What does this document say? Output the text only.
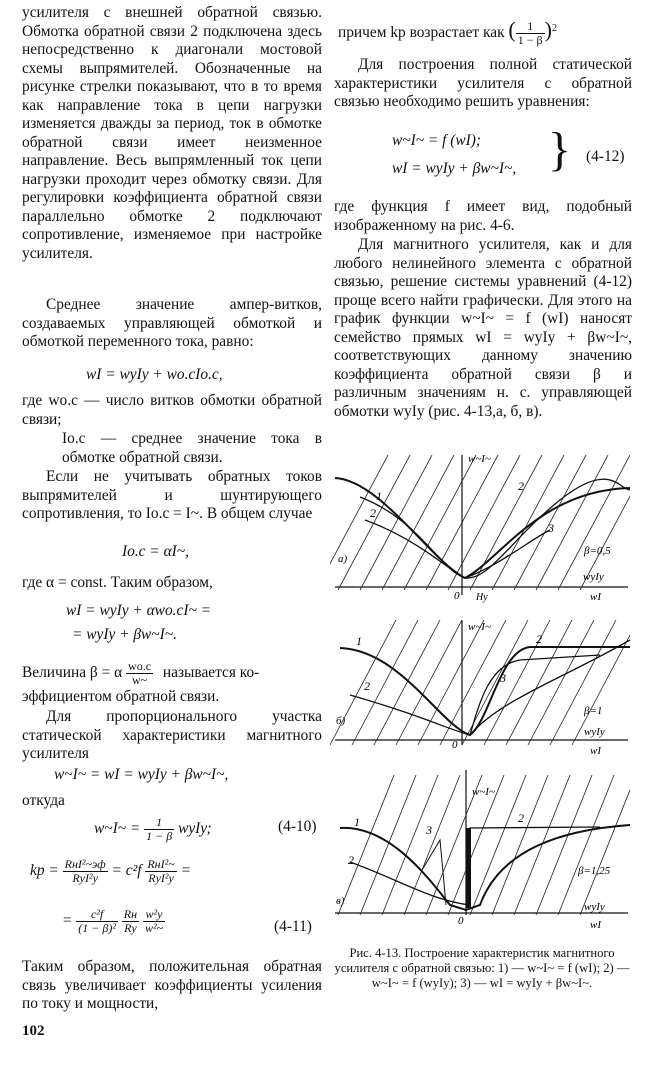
усилителя с внешней обратной связью. Обмотка обратной связи 2 подключена здесь непосредственно к диагонали мостовой схемы выпрямителей. Обозначенные на рисунке стрелки показывают, что в то время как направление тока в цепи нагрузки изменяется дважды за период, ток в обмотке обратной связи имеет неизменное направление. Весь выпрямленный ток цепи нагрузки проходит через обмотку связи. Для регулировки коэффициента обратной связи параллельно обмотке 2 подключают сопротивление, изменяемое при настройке усилителя.
Среднее значение ампер-витков, создаваемых управляющей обмоткой и обмоткой переменного тока, равно:
wI = wуIу + wо.сIо.с,
где wо.с — число витков обмотки обратной связи;
Iо.с — среднее значение тока в обмотке обратной связи.
Если не учитывать обратных токов выпрямителей и шунтирующего сопротивления, то Iо.с = I~. В общем случае
Iо.с = αI~,
где α = const. Таким образом,
wI = wуIу + αwо.сI~ =
= wуIу + βw~I~.
Величина β = α $\frac{wо.с}{w\sim}$ называется ко-
эффициентом обратной связи.
Для пропорционального участка статической характеристики магнитного усилителя
w~I~ = wI = wуIу + βw~I~,
откуда
w~I~ = $\frac{1}{1 - \beta}$ wуIу;	(4-10)
kp = $\frac{\text{RнI²\textasciitilde{}эф}}{\text{RуI²у}} = c^2f \frac{\text{RнI²\textasciitilde{}}}{\text{RуI²у}}$ =
= $\frac{\text{c²f}}{\text{(1 − β)²}}$
$\frac{Rн}{Rу}$
$\frac{\text{w²у}}{\text{w²\textasciitilde{}}}$	(4-11)
Таким образом, положительная обратная связь увеличивает коэффициенты усиления по току и мощности,
причем kp возрастает как ( $\frac{1}{1 - \beta} )^2$
Для построения полной статической характеристики усилителя с обратной связью необходимо решить уравнения:
w~I~ = f (wI);
wI = wуIу + βw~I~, } (4-12)
где функция f имеет вид, подобный изображенному на рис. 4-6.
Для магнитного усилителя, как и для любого нелинейного элемента с обратной связью, решение системы уравнений (4-12) проще всего найти графически. Для этого на график функции w~I~ = f (wI) наносят семейство прямых wI = wуIу + βw~I~, соответствующих данному значению коэффициента обратной связи β и различным значениям н. с. управляющей обмотки wуIу (рис. 4-13,а, б, в).
1
2
2
3
w~I~
wуIу
wI
β=0,5
а)
0 Hу
1
2
2
3
w~I~
wуIу
wI
β=1
б)
0
1
2
2
3
w~I~
wуIу
wI
β=1,25
в)
0
Рис. 4-13. Построение характеристик магнитного усилителя с обратной связью: 1) — w~I~ = f (wI); 2) — w~I~ = f (wуIу); 3) — wI = wуIу + βw~I~.
102
